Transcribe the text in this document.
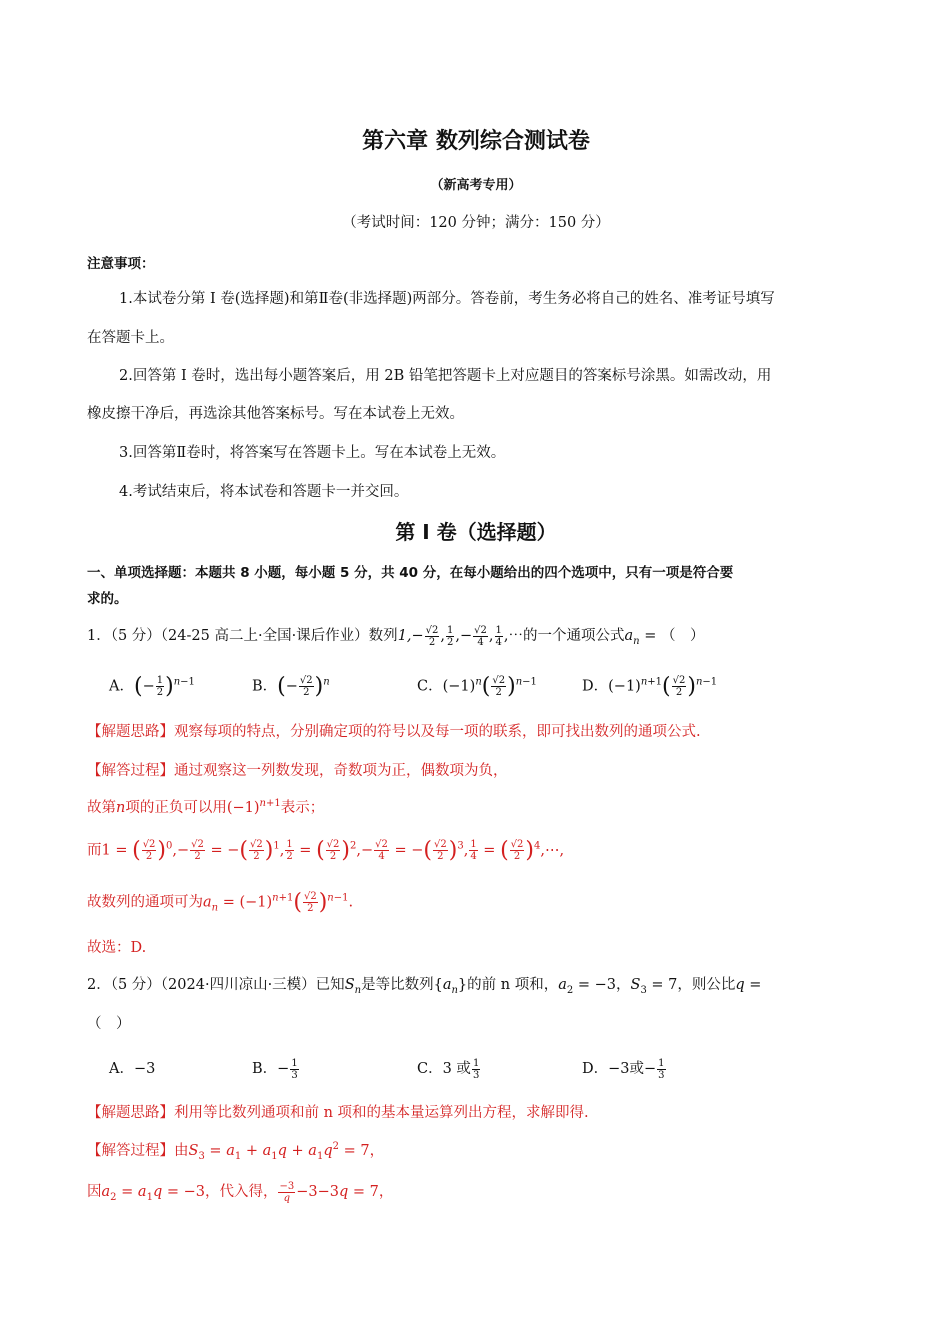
第六章 数列综合测试卷
（新高考专用）
（考试时间：120 分钟；满分：150 分）
注意事项：
1.本试卷分第 I 卷(选择题)和第Ⅱ卷(非选择题)两部分。答卷前，考生务必将自己的姓名、准考证号填写
在答题卡上。
2.回答第 I 卷时，选出每小题答案后，用 2B 铅笔把答题卡上对应题目的答案标号涂黑。如需改动，用
橡皮擦干净后，再选涂其他答案标号。写在本试卷上无效。
3.回答第Ⅱ卷时，将答案写在答题卡上。写在本试卷上无效。
4.考试结束后，将本试卷和答题卡一并交回。
第 I 卷（选择题）
一、单项选择题：本题共 8 小题，每小题 5 分，共 40 分，在每小题给出的四个选项中，只有一项是符合要
求的。
1．（5 分）（24-25 高二上·全国·课后作业）数列$1,- \frac{√2}{2}$ , $\frac{1}{2}$ ,− $\frac{√2}{4}$ , $\frac{1}{4}$ ,⋯的一个通项公式$a_n$ = （　）
A．(− $\frac{1}{2} )^{n-1}$	B．(− $\frac{√2}{2} )^n$	C．$(-1)^n( \frac{√2}{2} )^{n-1}$	D．$(-1)^{n+1}( \frac{√2}{2} )^{n-1}$
【解题思路】观察每项的特点，分别确定项的符号以及每一项的联系，即可找出数列的通项公式.
【解答过程】通过观察这一列数发现，奇数项为正，偶数项为负，
故第n项的正负可以用$(-1)^{n+1}$表示；
而1 = ( $\frac{√2}{2} )^0,- \frac{√2}{2}$ = −( $\frac{√2}{2} )^1$, $\frac{1}{2}$ = ( $\frac{√2}{2} )^2,- \frac{√2}{4}$ = −( $\frac{√2}{2} )^3$, $\frac{1}{4}$ = ( $\frac{√2}{2}$ )$^4$,⋯,
故数列的通项可为$a_n = (-1)^{n+1}( \frac{√2}{2} )^{n-1}$.
故选：D.
2．（5 分）（2024·四川凉山·三模）已知$S_n$是等比数列$\{a_n\}$的前 n 项和，$a_2 = -3$，$S_3 = 7$，则公比q =
（　）
A．−3	B．− $\frac{1}{3}$	C．3 或 $\frac{1}{3}$	D．−3或− $\frac{1}{3}$
【解题思路】利用等比数列通项和前 n 项和的基本量运算列出方程，求解即得.
【解答过程】由$S_3 = a_1 + a_1q + a_1q^2 = 7$，
因$a_2 = a_1q = -3$，代入得， $\frac{-3}{q} -3-3q = 7$，
